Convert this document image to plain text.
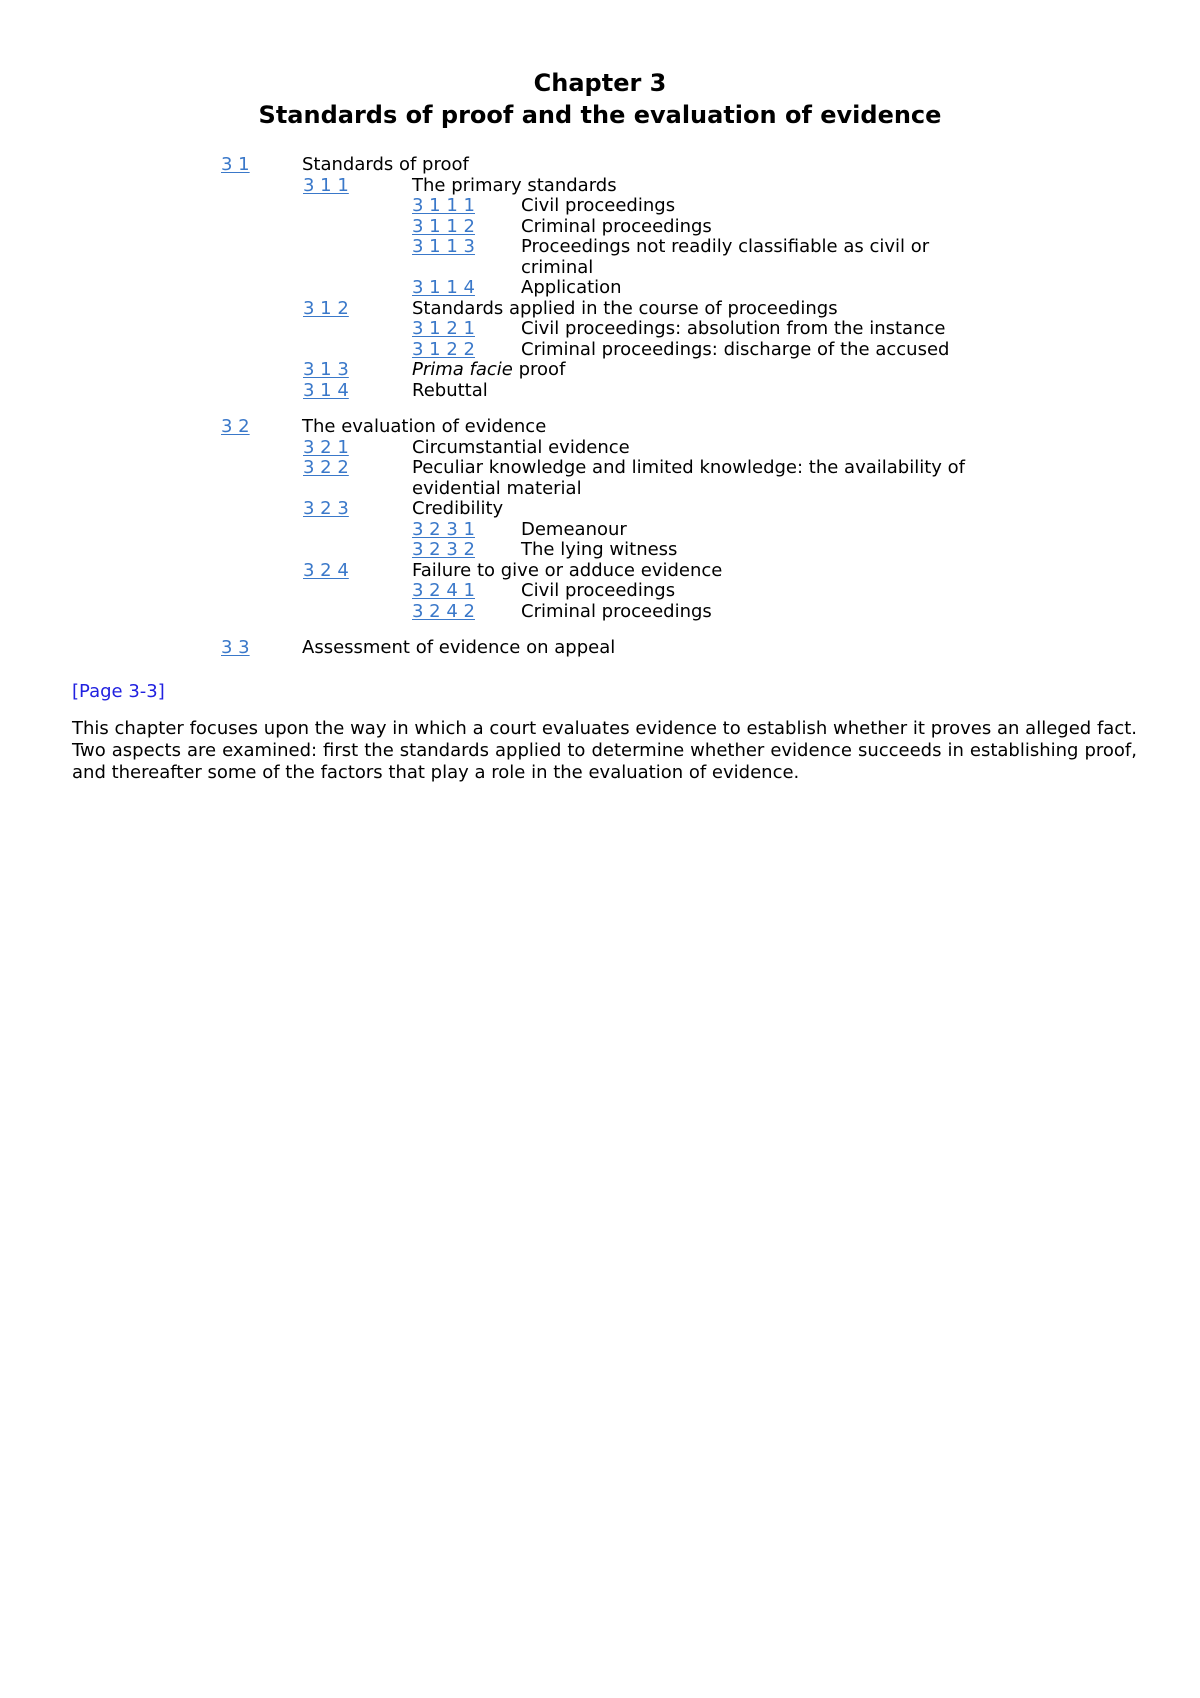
Chapter 3
Standards of proof and the evaluation of evidence
3 1	Standards of proof
3 1 1	The primary standards
3 1 1 1	Civil proceedings
3 1 1 2	Criminal proceedings
3 1 1 3	Proceedings not readily classifiable as civil or criminal
3 1 1 4	Application
3 1 2	Standards applied in the course of proceedings
3 1 2 1	Civil proceedings: absolution from the instance
3 1 2 2	Criminal proceedings: discharge of the accused
3 1 3	Prima facie proof
3 1 4	Rebuttal
3 2	The evaluation of evidence
3 2 1	Circumstantial evidence
3 2 2	Peculiar knowledge and limited knowledge: the availability of
evidential material
3 2 3	Credibility
3 2 3 1	Demeanour
3 2 3 2	The lying witness
3 2 4	Failure to give or adduce evidence
3 2 4 1	Civil proceedings
3 2 4 2	Criminal proceedings
3 3	Assessment of evidence on appeal

[Page 3-3]

This chapter focuses upon the way in which a court evaluates evidence to establish whether it proves an alleged fact. Two aspects are examined: first the standards applied to determine whether evidence succeeds in establishing proof, and thereafter some of the factors that play a role in the evaluation of evidence.
